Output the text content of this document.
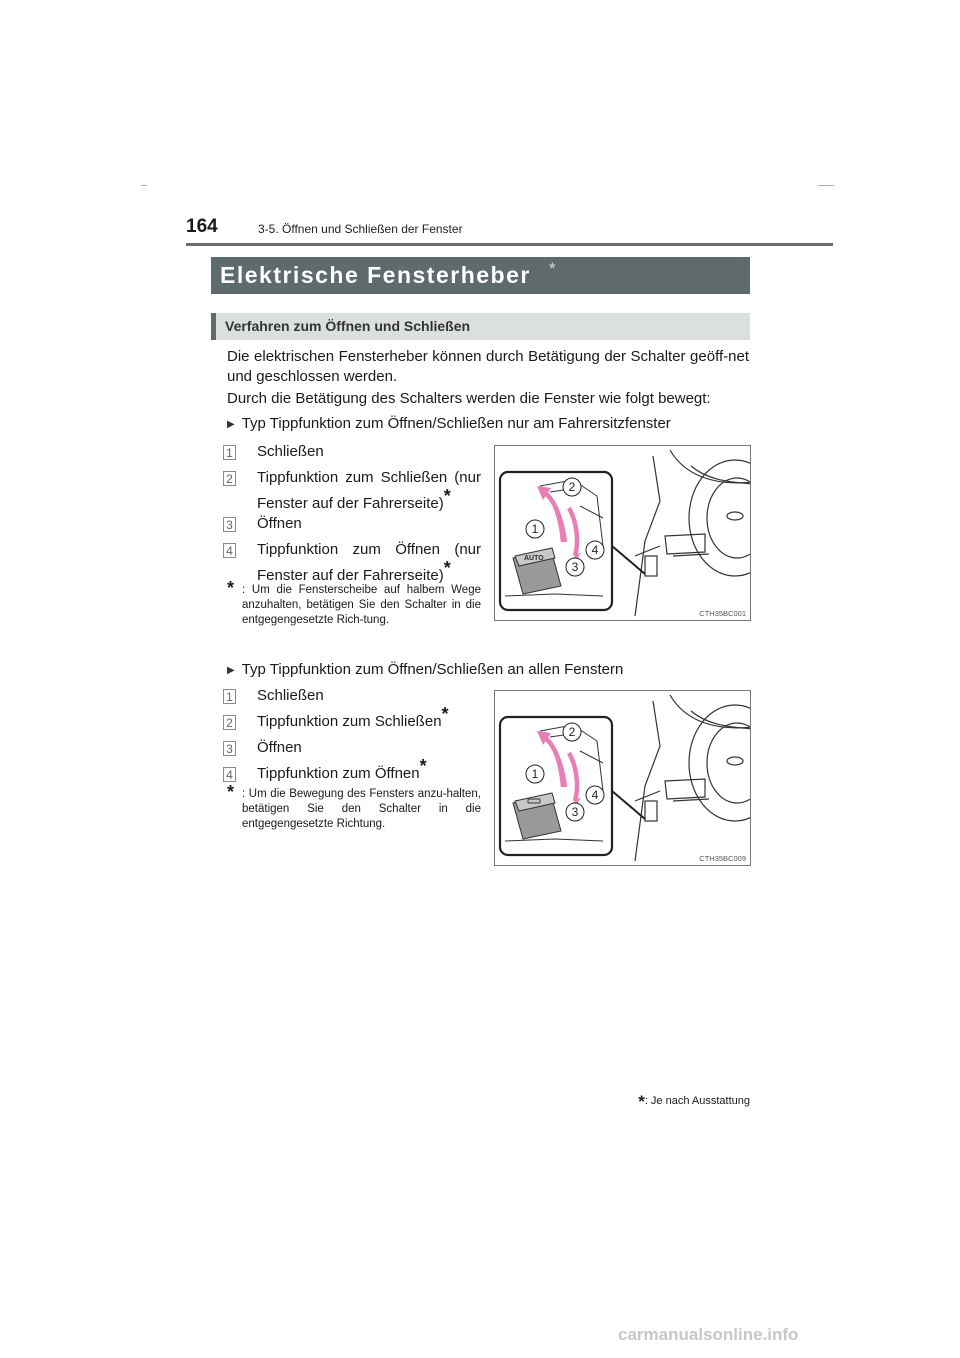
164	3-5. Öffnen und Schließen der Fenster
Elektrische Fensterheber *
Verfahren zum Öffnen und Schließen
Die elektrischen Fensterheber können durch Betätigung der Schalter geöff-net und geschlossen werden.
Durch die Betätigung des Schalters werden die Fenster wie folgt bewegt:
▶ Typ Tippfunktion zum Öffnen/Schließen nur am Fahrersitzfenster
1 Schließen
2 Tippfunktion zum Schließen (nur Fenster auf der Fahrerseite)*
3 Öffnen
4 Tippfunktion zum Öffnen (nur Fenster auf der Fahrerseite)*
* : Um die Fensterscheibe auf halbem Wege anzuhalten, betätigen Sie den Schalter in die entgegengesetzte Rich-tung.
AUTO
2
1
4
3
CTH35BC001
▶ Typ Tippfunktion zum Öffnen/Schließen an allen Fenstern
1 Schließen
2 Tippfunktion zum Schließen*
3 Öffnen
4 Tippfunktion zum Öffnen*
* : Um die Bewegung des Fensters anzu-halten, betätigen Sie den Schalter in die entgegengesetzte Richtung.
2
1
4
3
CTH35BC009
*: Je nach Ausstattung
carmanualsonline.info
